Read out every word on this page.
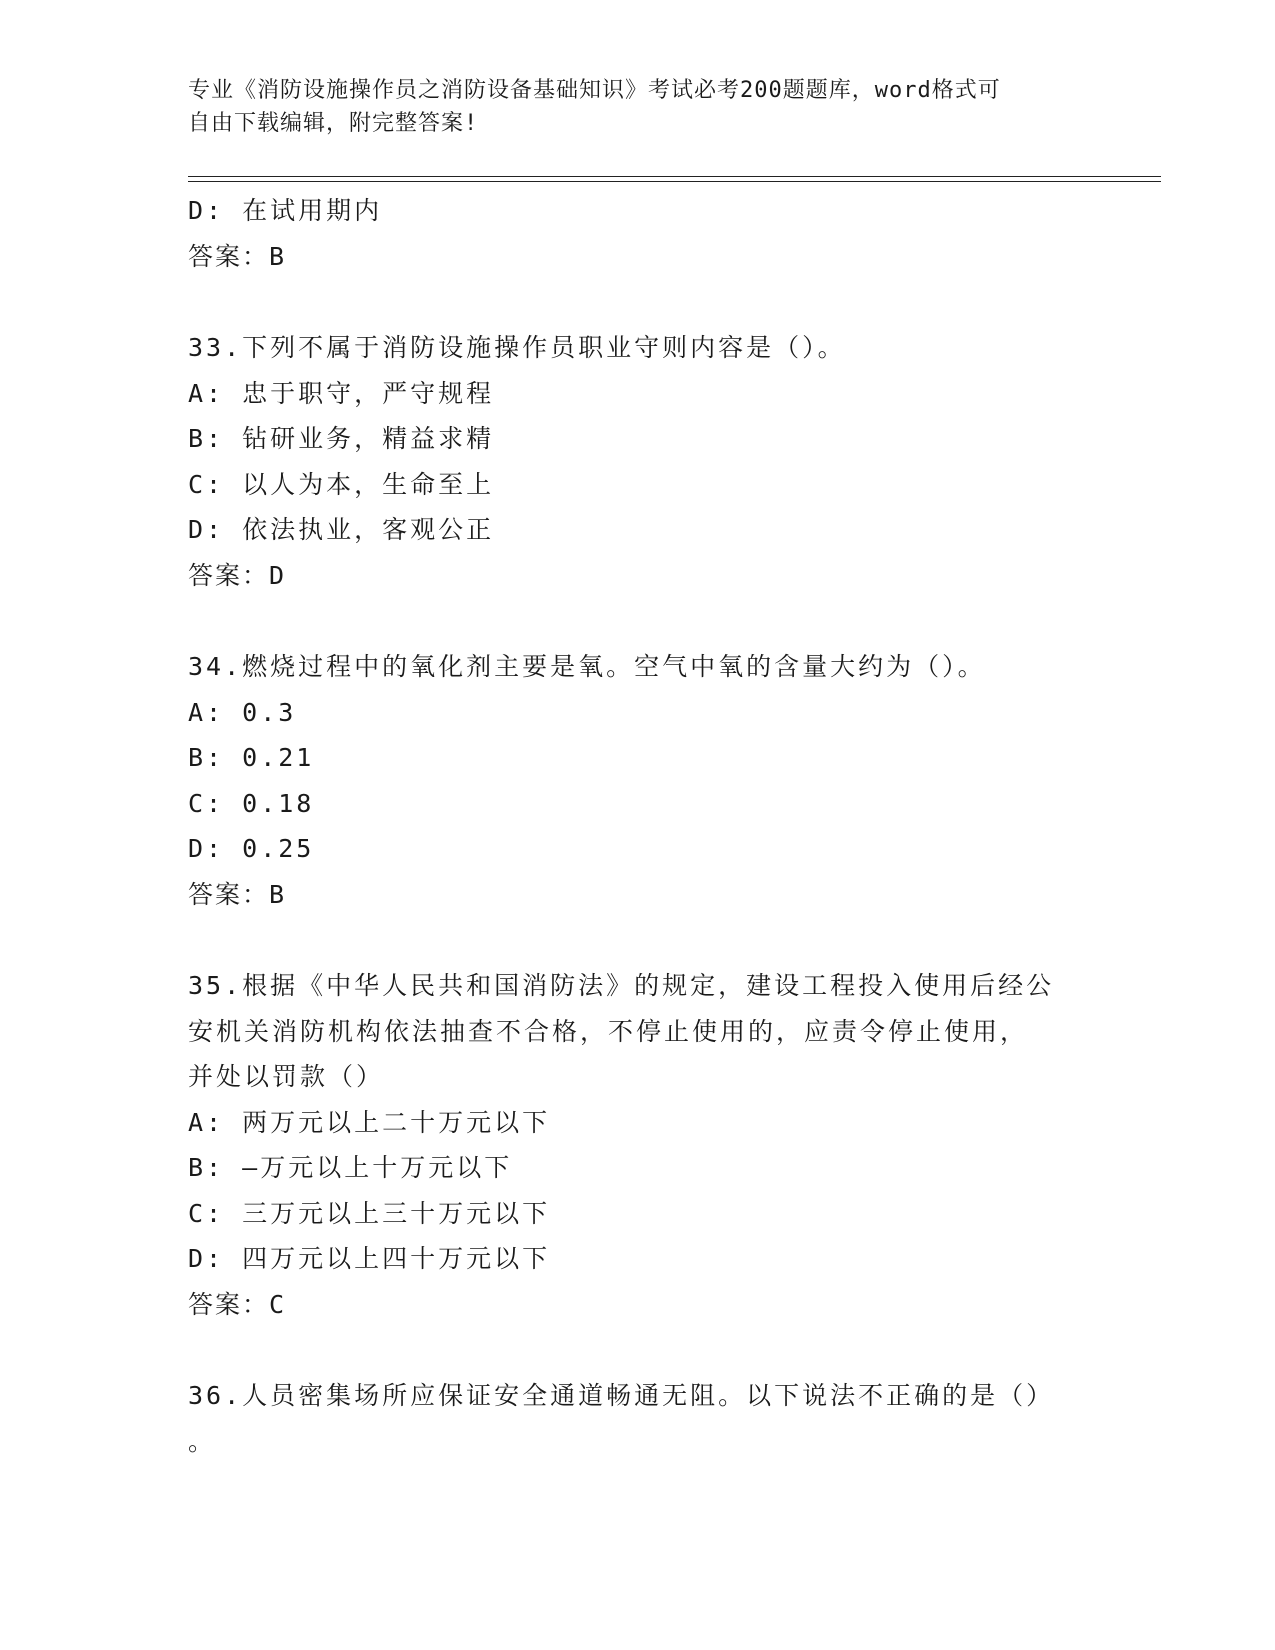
专业《消防设施操作员之消防设备基础知识》考试必考200题题库，word格式可
自由下载编辑，附完整答案!
D: 在试用期内
答案：B
33.下列不属于消防设施操作员职业守则内容是（）。
A: 忠于职守，严守规程
B: 钻研业务，精益求精
C: 以人为本，生命至上
D: 依法执业，客观公正
答案：D
34.燃烧过程中的氧化剂主要是氧。空气中氧的含量大约为（）。
A: 0.3
B: 0.21
C: 0.18
D: 0.25
答案：B
35.根据《中华人民共和国消防法》的规定，建设工程投入使用后经公
安机关消防机构依法抽查不合格，不停止使用的，应责令停止使用，
并处以罚款（）
A: 两万元以上二十万元以下
B: —万元以上十万元以下
C: 三万元以上三十万元以下
D: 四万元以上四十万元以下
答案：C
36.人员密集场所应保证安全通道畅通无阻。以下说法不正确的是（）
。
